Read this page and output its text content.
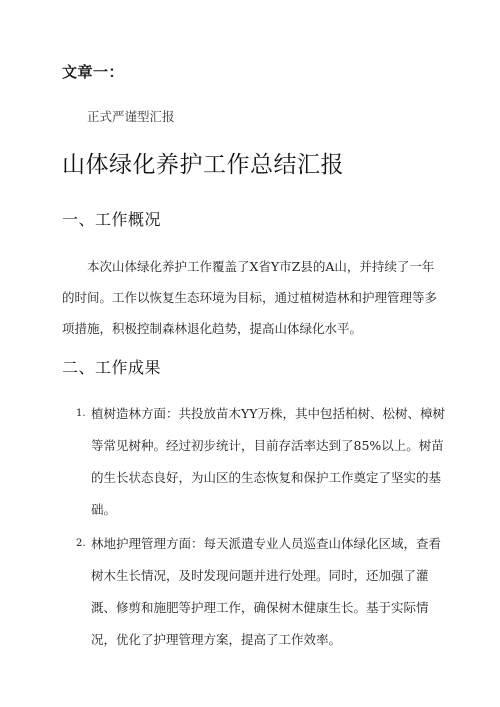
文章一：
正式严谨型汇报
山体绿化养护工作总结汇报
一、工作概况

本次山体绿化养护工作覆盖了X省Y市Z县的A山，并持续了一年的时间。工作以恢复生态环境为目标，通过植树造林和护理管理等多项措施，积极控制森林退化趋势，提高山体绿化水平。

二、工作成果
1. 植树造林方面：共投放苗木YY万株，其中包括柏树、松树、樟树等常见树种。经过初步统计，目前存活率达到了85%以上。树苗的生长状态良好，为山区的生态恢复和保护工作奠定了坚实的基础。

2. 林地护理管理方面：每天派遣专业人员巡查山体绿化区域，查看树木生长情况，及时发现问题并进行处理。同时，还加强了灌溉、修剪和施肥等护理工作，确保树木健康生长。基于实际情况，优化了护理管理方案，提高了工作效率。
